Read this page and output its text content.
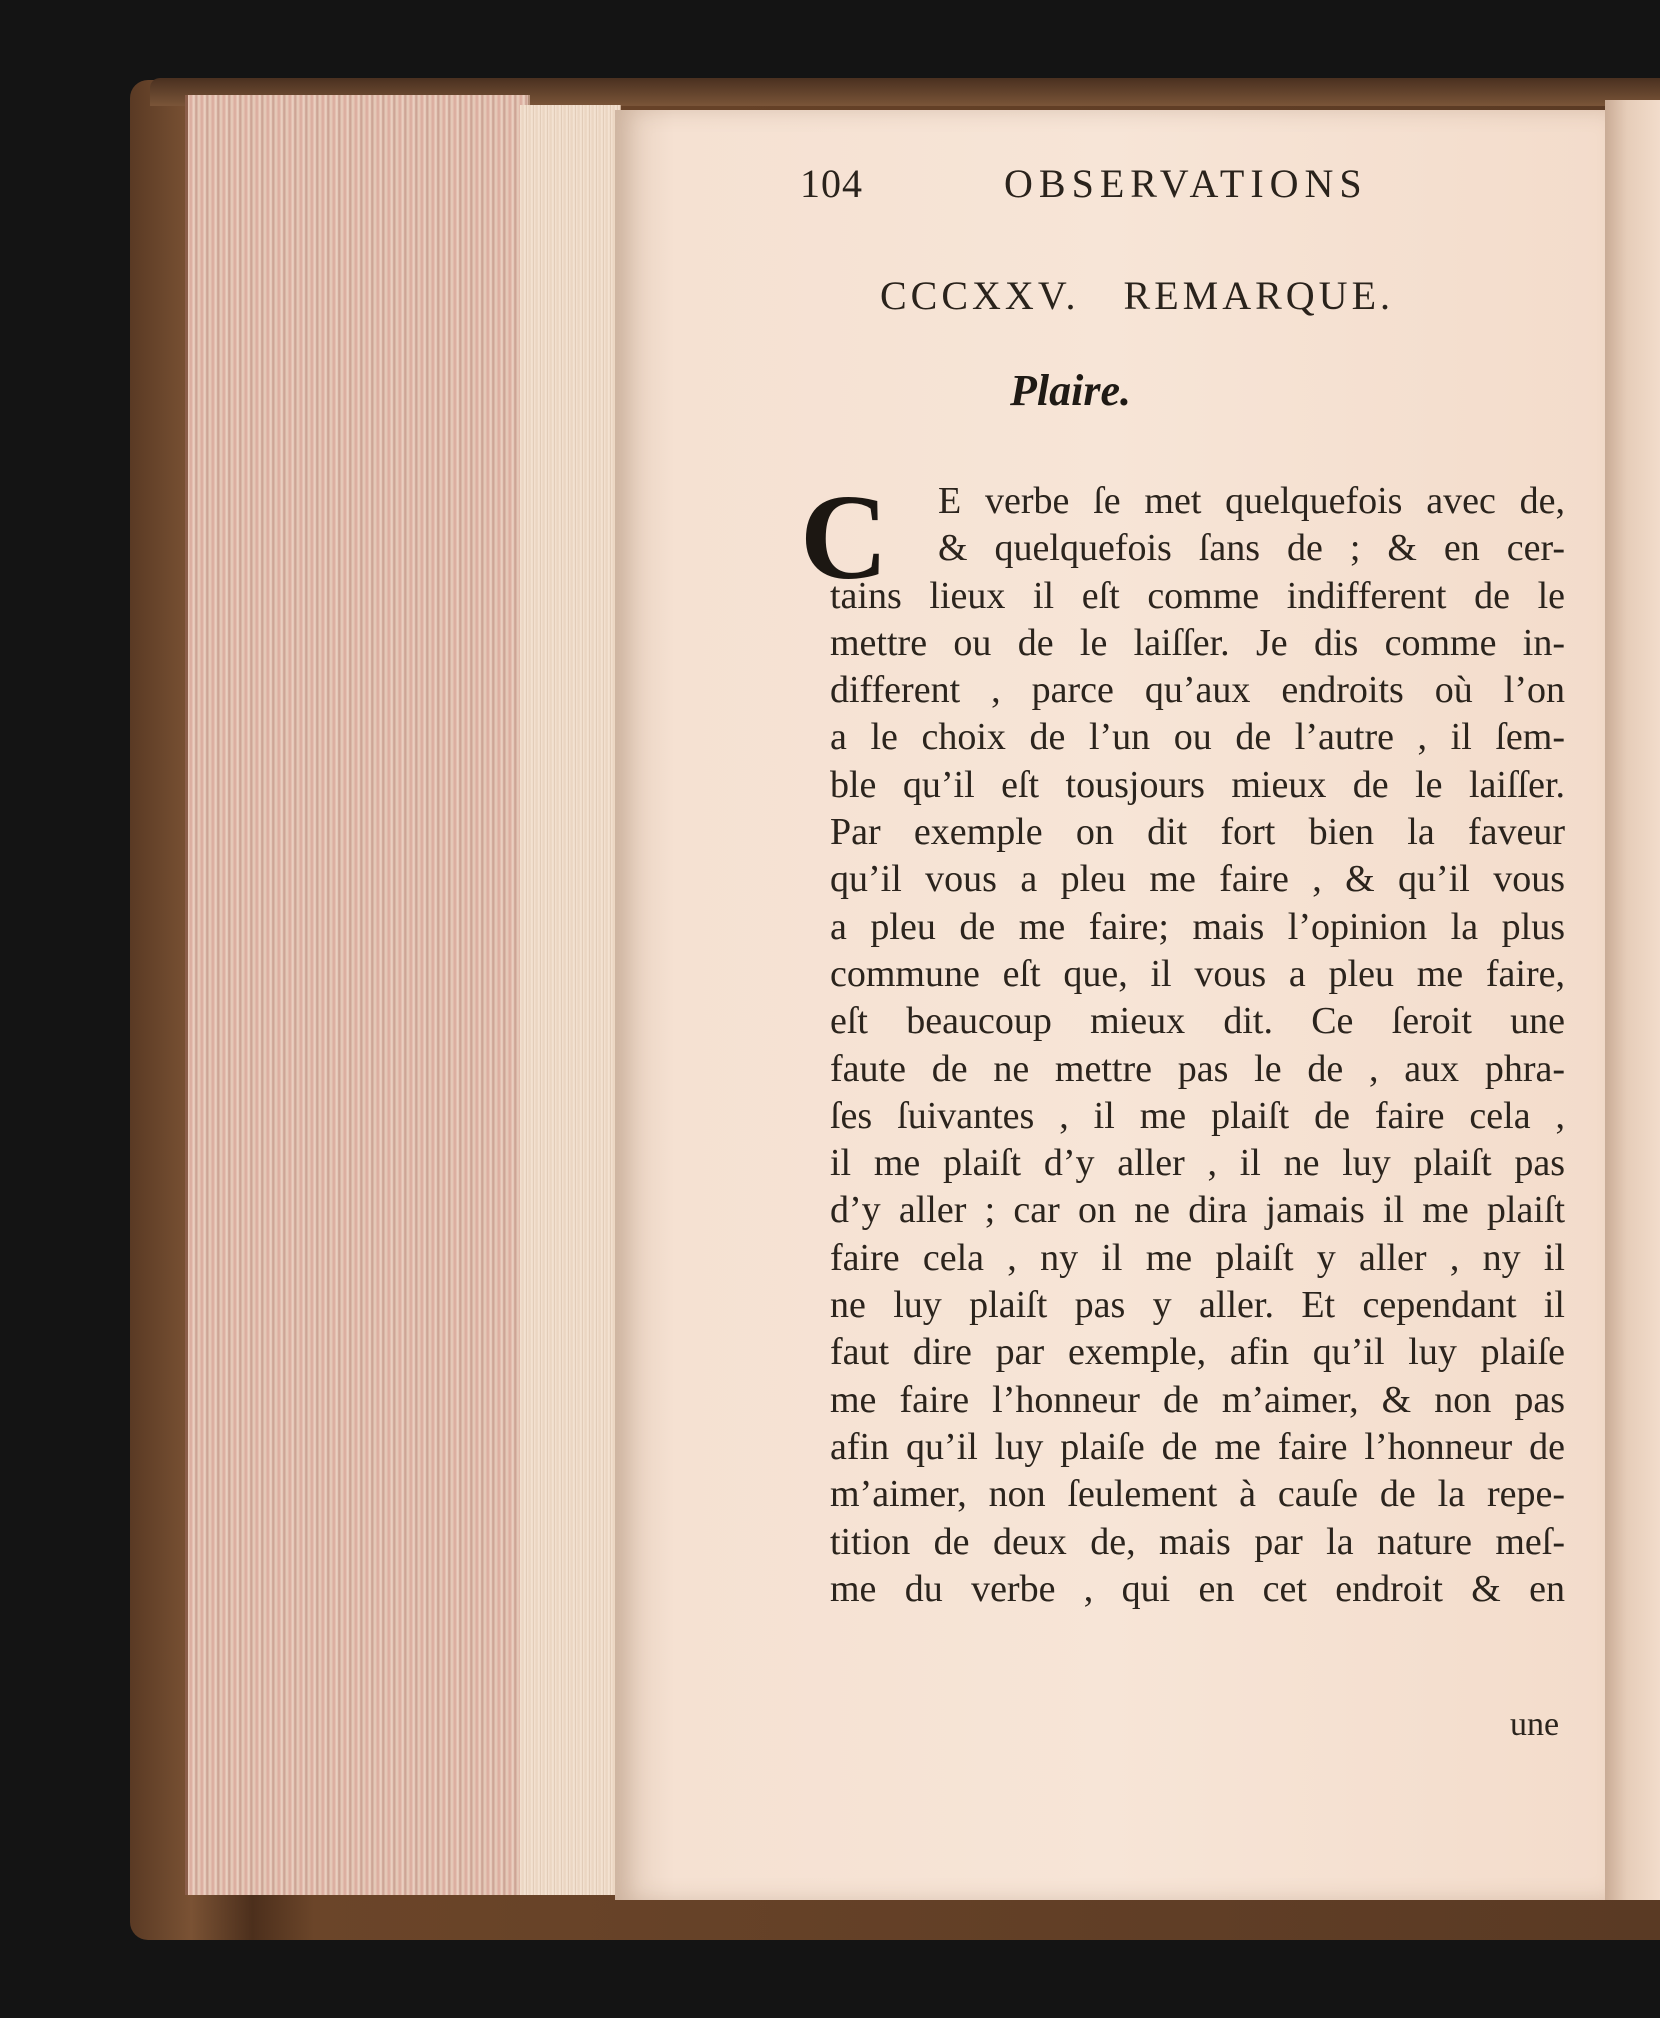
104	OBSERVATIONS
CCCXXV. REMARQUE.
Plaire.
C	E verbe ſe met quelquefois avec de,
& quelquefois ſans de ; & en cer-
tains lieux il eſt comme indifferent de le
mettre ou de le laiſſer. Je dis comme in-
different , parce qu’aux endroits où l’on
a le choix de l’un ou de l’autre , il ſem-
ble qu’il eſt tousjours mieux de le laiſſer.
Par exemple on dit fort bien la faveur
qu’il vous a pleu me faire , & qu’il vous
a pleu de me faire; mais l’opinion la plus
commune eſt que, il vous a pleu me faire,
eſt beaucoup mieux dit. Ce ſeroit une
faute de ne mettre pas le de , aux phra-
ſes ſuivantes , il me plaiſt de faire cela ,
il me plaiſt d’y aller , il ne luy plaiſt pas
d’y aller ; car on ne dira jamais il me plaiſt
faire cela , ny il me plaiſt y aller , ny il
ne luy plaiſt pas y aller. Et cependant il
faut dire par exemple, afin qu’il luy plaiſe
me faire l’honneur de m’aimer, & non pas
afin qu’il luy plaiſe de me faire l’honneur de
m’aimer, non ſeulement à cauſe de la repe-
tition de deux de, mais par la nature meſ-
me du verbe , qui en cet endroit & en
une
